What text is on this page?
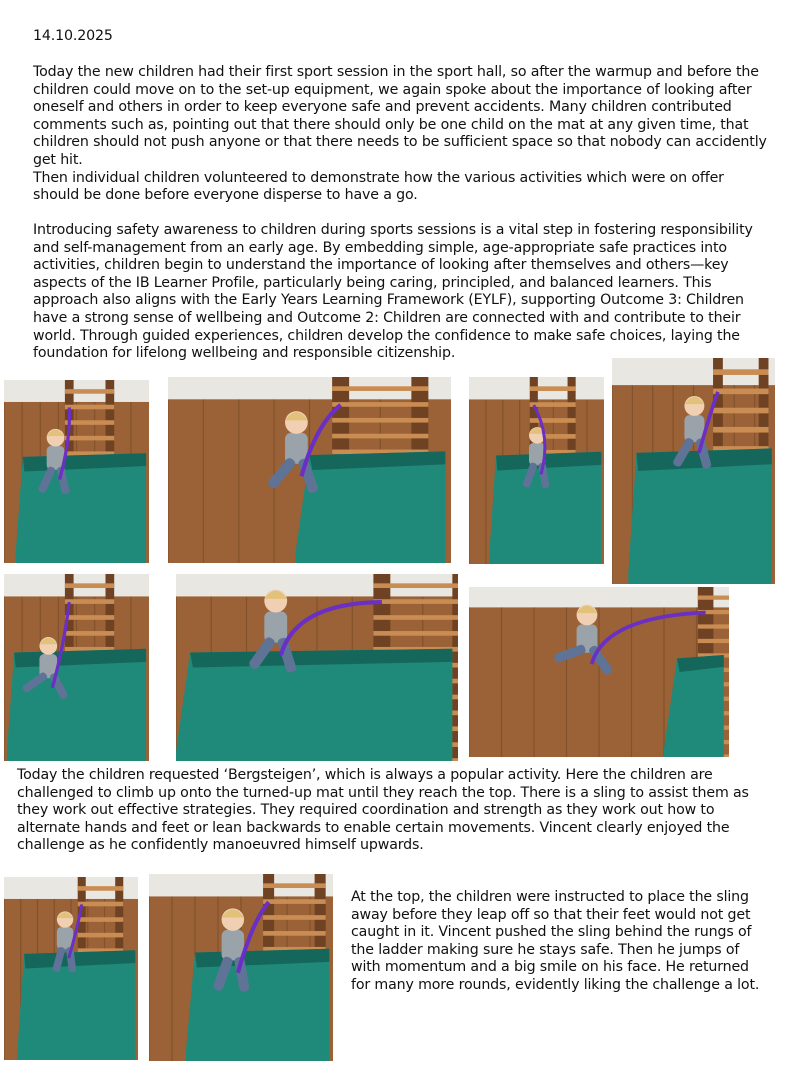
14.10.2025
Today the new children had their first sport session in the sport hall, so after the warmup and before the children could move on to the set-up equipment, we again spoke about the importance of looking after oneself and others in order to keep everyone safe and prevent accidents. Many children contributed comments such as, pointing out that there should only be one child on the mat at any given time, that children should not push anyone or that there needs to be sufficient space so that nobody can accidently get hit.
Then individual children volunteered to demonstrate how the various activities which were on offer should be done before everyone disperse to have a go.
Introducing safety awareness to children during sports sessions is a vital step in fostering responsibility and self-management from an early age. By embedding simple, age-appropriate safe practices into activities, children begin to understand the importance of looking after themselves and others—key aspects of the IB Learner Profile, particularly being caring, principled, and balanced learners. This approach also aligns with the Early Years Learning Framework (EYLF), supporting Outcome 3: Children have a strong sense of wellbeing and Outcome 2: Children are connected with and contribute to their world. Through guided experiences, children develop the confidence to make safe choices, laying the foundation for lifelong wellbeing and responsible citizenship.
Today the children requested ‘Bergsteigen’, which is always a popular activity. Here the children are challenged to climb up onto the turned-up mat until they reach the top. There is a sling to assist them as they work out effective strategies. They required coordination and strength as they work out how to alternate hands and feet or lean backwards to enable certain movements. Vincent clearly enjoyed the challenge as he confidently manoeuvred himself upwards.
At the top, the children were instructed to place the sling away before they leap off so that their feet would not get caught in it. Vincent pushed the sling behind the rungs of the ladder making sure he stays safe. Then he jumps of with momentum and a big smile on his face. He returned for many more rounds, evidently liking the challenge a lot.
